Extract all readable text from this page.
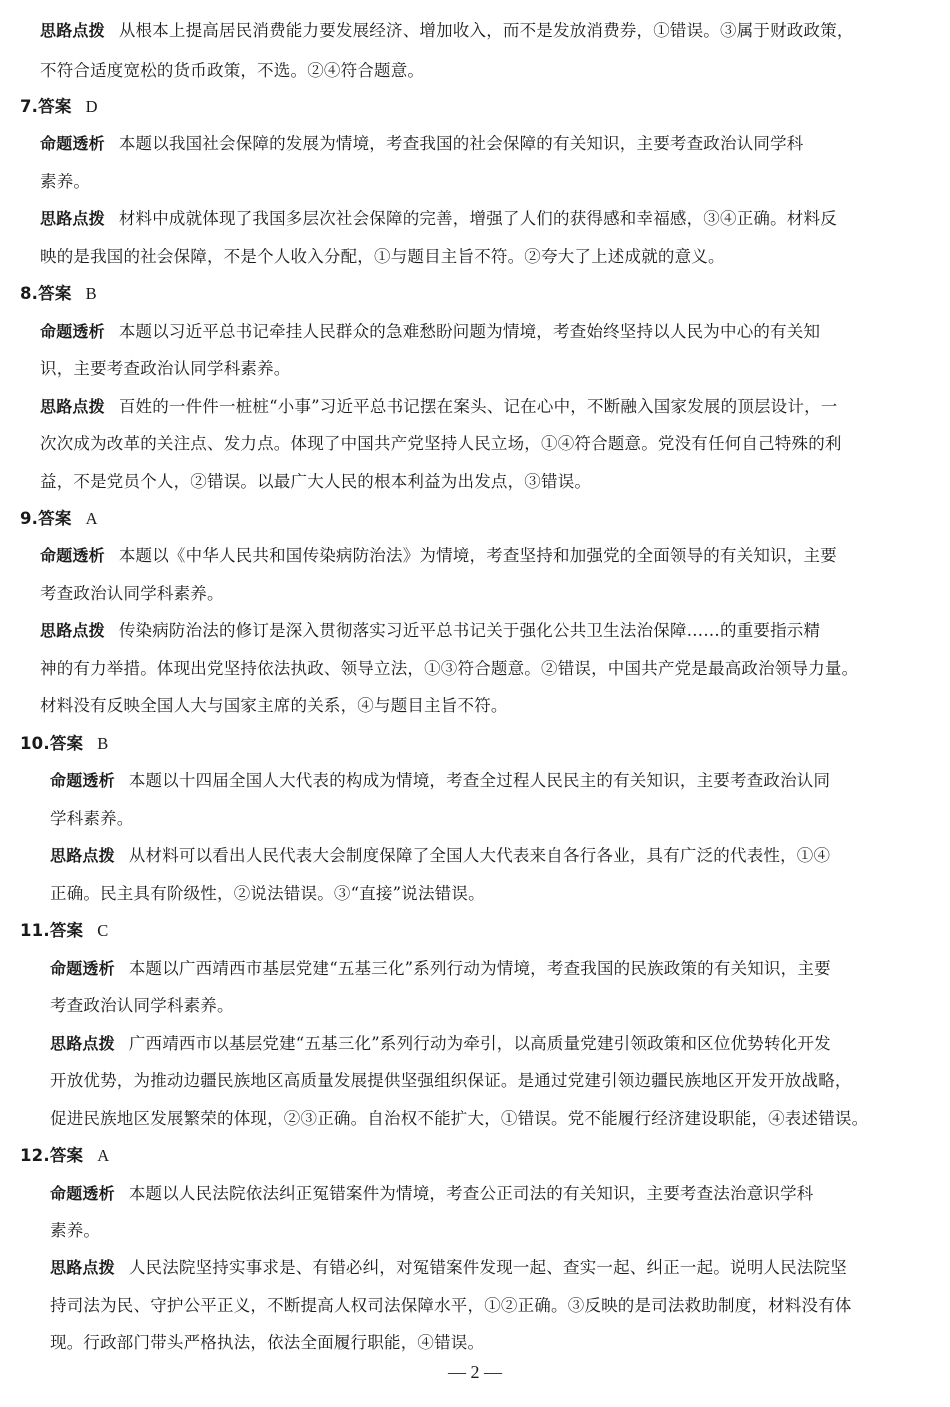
思路点拨 从根本上提高居民消费能力要发展经济、增加收入，而不是发放消费券，①错误。③属于财政政策，
不符合适度宽松的货币政策，不选。②④符合题意。
7.答案 D
命题透析 本题以我国社会保障的发展为情境，考查我国的社会保障的有关知识，主要考查政治认同学科
素养。
思路点拨 材料中成就体现了我国多层次社会保障的完善，增强了人们的获得感和幸福感，③④正确。材料反
映的是我国的社会保障，不是个人收入分配，①与题目主旨不符。②夸大了上述成就的意义。
8.答案 B
命题透析 本题以习近平总书记牵挂人民群众的急难愁盼问题为情境，考查始终坚持以人民为中心的有关知
识，主要考查政治认同学科素养。
思路点拨 百姓的一件件一桩桩“小事”习近平总书记摆在案头、记在心中，不断融入国家发展的顶层设计，一
次次成为改革的关注点、发力点。体现了中国共产党坚持人民立场，①④符合题意。党没有任何自己特殊的利
益，不是党员个人，②错误。以最广大人民的根本利益为出发点，③错误。
9.答案 A
命题透析 本题以《中华人民共和国传染病防治法》为情境，考查坚持和加强党的全面领导的有关知识，主要
考查政治认同学科素养。
思路点拨 传染病防治法的修订是深入贯彻落实习近平总书记关于强化公共卫生法治保障……的重要指示精
神的有力举措。体现出党坚持依法执政、领导立法，①③符合题意。②错误，中国共产党是最高政治领导力量。
材料没有反映全国人大与国家主席的关系，④与题目主旨不符。
10.答案 B
命题透析 本题以十四届全国人大代表的构成为情境，考查全过程人民民主的有关知识，主要考查政治认同
学科素养。
思路点拨 从材料可以看出人民代表大会制度保障了全国人大代表来自各行各业，具有广泛的代表性，①④
正确。民主具有阶级性，②说法错误。③“直接”说法错误。
11.答案 C
命题透析 本题以广西靖西市基层党建“五基三化”系列行动为情境，考查我国的民族政策的有关知识，主要
考查政治认同学科素养。
思路点拨 广西靖西市以基层党建“五基三化”系列行动为牵引，以高质量党建引领政策和区位优势转化开发
开放优势，为推动边疆民族地区高质量发展提供坚强组织保证。是通过党建引领边疆民族地区开发开放战略，
促进民族地区发展繁荣的体现，②③正确。自治权不能扩大，①错误。党不能履行经济建设职能，④表述错误。
12.答案 A
命题透析 本题以人民法院依法纠正冤错案件为情境，考查公正司法的有关知识，主要考查法治意识学科
素养。
思路点拨 人民法院坚持实事求是、有错必纠，对冤错案件发现一起、查实一起、纠正一起。说明人民法院坚
持司法为民、守护公平正义，不断提高人权司法保障水平，①②正确。③反映的是司法救助制度，材料没有体
现。行政部门带头严格执法，依法全面履行职能，④错误。
— 2 —
